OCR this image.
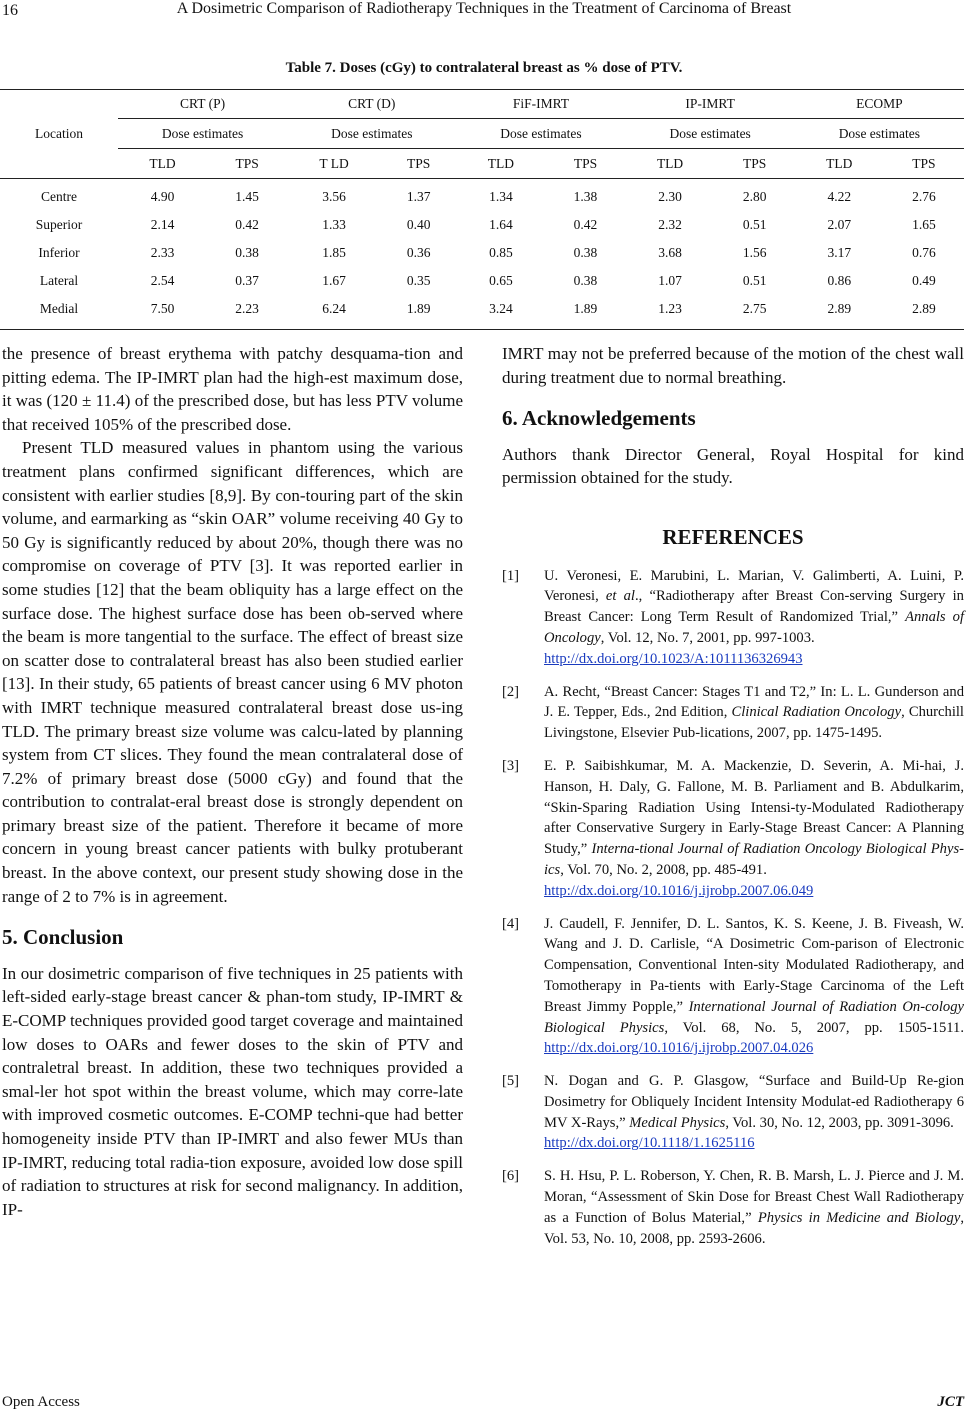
16	A Dosimetric Comparison of Radiotherapy Techniques in the Treatment of Carcinoma of Breast
Table 7. Doses (cGy) to contralateral breast as % dose of PTV.
Location	CRT (P)		CRT (D)		FiF-IMRT		IP-IMRT		ECOMP	
	Dose estimates		Dose estimates		Dose estimates		Dose estimates		Dose estimates	
	TLD	TPS	T LD	TPS	TLD	TPS	TLD	TPS	TLD	TPS
Centre	4.90	1.45	3.56	1.37	1.34	1.38	2.30	2.80	4.22	2.76
Superior	2.14	0.42	1.33	0.40	1.64	0.42	2.32	0.51	2.07	1.65
Inferior	2.33	0.38	1.85	0.36	0.85	0.38	3.68	1.56	3.17	0.76
Lateral	2.54	0.37	1.67	0.35	0.65	0.38	1.07	0.51	0.86	0.49
Medial	7.50	2.23	6.24	1.89	3.24	1.89	1.23	2.75	2.89	2.89

the presence of breast erythema with patchy desquama-tion and pitting edema. The IP-IMRT plan had the high-est maximum dose, it was (120 ± 11.4) of the prescribed dose, but has less PTV volume that received 105% of the prescribed dose.

Present TLD measured values in phantom using the various treatment plans confirmed significant differences, which are consistent with earlier studies [8,9]. By con-touring part of the skin volume, and earmarking as “skin OAR” volume receiving 40 Gy to 50 Gy is significantly reduced by about 20%, though there was no compromise on coverage of PTV [3]. It was reported earlier in some studies [12] that the beam obliquity has a large effect on the surface dose. The highest surface dose has been ob-served where the beam is more tangential to the surface. The effect of breast size on scatter dose to contralateral breast has also been studied earlier [13]. In their study, 65 patients of breast cancer using 6 MV photon with IMRT technique measured contralateral breast dose us-ing TLD. The primary breast size volume was calcu-lated by planning system from CT slices. They found the mean contralateral dose of 7.2% of primary breast dose (5000 cGy) and found that the contribution to contralat-eral breast dose is strongly dependent on primary breast size of the patient. Therefore it became of more concern in young breast cancer patients with bulky protuberant breast. In the above context, our present study showing dose in the range of 2 to 7% is in agreement.

5. Conclusion

In our dosimetric comparison of five techniques in 25 patients with left-sided early-stage breast cancer & phan-tom study, IP-IMRT & E-COMP techniques provided good target coverage and maintained low doses to OARs and fewer doses to the skin of PTV and contraletral breast. In addition, these two techniques provided a smal-ler hot spot within the breast volume, which may corre-late with improved cosmetic outcomes. E-COMP techni-que had better homogeneity inside PTV than IP-IMRT and also fewer MUs than IP-IMRT, reducing total radia-tion exposure, avoided low dose spill of radiation to structures at risk for second malignancy. In addition, IP-

IMRT may not be preferred because of the motion of the chest wall during treatment due to normal breathing.

6. Acknowledgements

Authors thank Director General, Royal Hospital for kind permission obtained for the study.

REFERENCES
[1]	U. Veronesi, E. Marubini, L. Marian, V. Galimberti, A. Luini, P. Veronesi, et al., “Radiotherapy after Breast Con-serving Surgery in Breast Cancer: Long Term Result of Randomized Trial,” Annals of Oncology, Vol. 12, No. 7, 2001, pp. 997-1003.
http://dx.doi.org/10.1023/A:1011136326943
[2]	A. Recht, “Breast Cancer: Stages T1 and T2,” In: L. L. Gunderson and J. E. Tepper, Eds., 2nd Edition, Clinical Radiation Oncology, Churchill Livingstone, Elsevier Pub-lications, 2007, pp. 1475-1495.
[3]	E. P. Saibishkumar, M. A. Mackenzie, D. Severin, A. Mi-hai, J. Hanson, H. Daly, G. Fallone, M. B. Parliament and B. Abdulkarim, “Skin-Sparing Radiation Using Intensi-ty-Modulated Radiotherapy after Conservative Surgery in Early-Stage Breast Cancer: A Planning Study,” Interna-tional Journal of Radiation Oncology Biological Phys-ics, Vol. 70, No. 2, 2008, pp. 485-491.
http://dx.doi.org/10.1016/j.ijrobp.2007.06.049
[4]	J. Caudell, F. Jennifer, D. L. Santos, K. S. Keene, J. B. Fiveash, W. Wang and J. D. Carlisle, “A Dosimetric Com-parison of Electronic Compensation, Conventional Inten-sity Modulated Radiotherapy, and Tomotherapy in Pa-tients with Early-Stage Carcinoma of the Left Breast Jimmy Popple,” International Journal of Radiation On-cology Biological Physics, Vol. 68, No. 5, 2007, pp. 1505-1511. http://dx.doi.org/10.1016/j.ijrobp.2007.04.026
[5]	N. Dogan and G. P. Glasgow, “Surface and Build-Up Re-gion Dosimetry for Obliquely Incident Intensity Modulat-ed Radiotherapy 6 MV X-Rays,” Medical Physics, Vol. 30, No. 12, 2003, pp. 3091-3096.
http://dx.doi.org/10.1118/1.1625116
[6]	S. H. Hsu, P. L. Roberson, Y. Chen, R. B. Marsh, L. J. Pierce and J. M. Moran, “Assessment of Skin Dose for Breast Chest Wall Radiotherapy as a Function of Bolus Material,” Physics in Medicine and Biology, Vol. 53, No. 10, 2008, pp. 2593-2606.
Open Access	JCT
